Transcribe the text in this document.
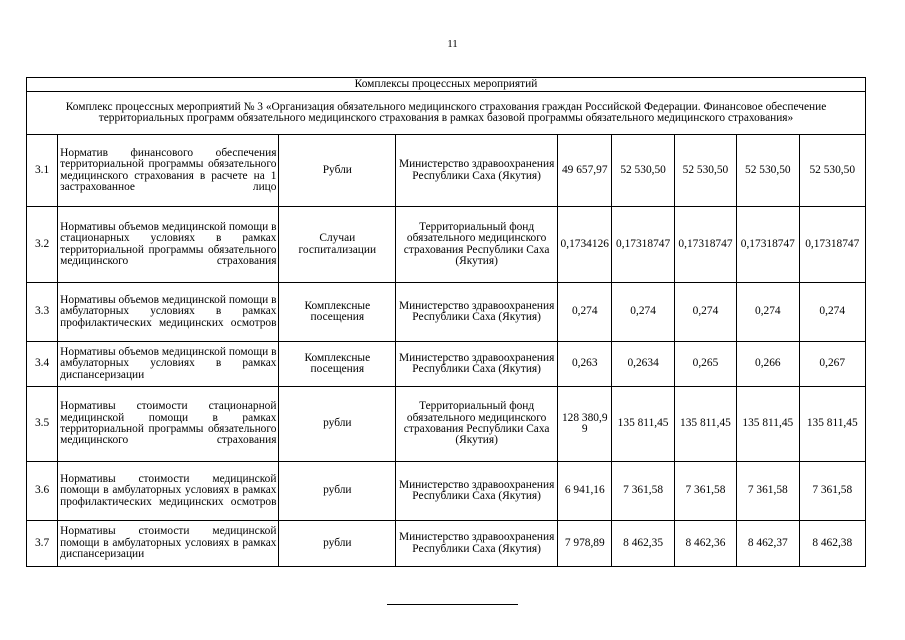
11
Комплексы процессных мероприятий								
Комплекс процессных мероприятий № 3 «Организация обязательного медицинского страхования граждан Российской Федерации. Финансовое обеспечение территориальных программ обязательного медицинского страхования в рамках базовой программы обязательного медицинского страхования»								
3.1	Норматив финансового обеспечения территориальной программы обязательного медицинского страхования в расчете на 1 застрахованное лицо	Рубли	Министерство здравоохранения Республики Саха (Якутия)	49 657,97	52 530,50	52 530,50	52 530,50	52 530,50
3.2	Нормативы объемов медицинской помощи в стационарных условиях в рамках территориальной программы обязательного медицинского страхования	Случаи госпитализации	Территориальный фонд обязательного медицинского страхования Республики Саха (Якутия)	0,1734126	0,17318747	0,17318747	0,17318747	0,17318747
3.3	Нормативы объемов медицинской помощи в амбулаторных условиях в рамках профилактических медицинских осмотров	Комплексные посещения	Министерство здравоохранения Республики Саха (Якутия)	0,274	0,274	0,274	0,274	0,274
3.4	Нормативы объемов медицинской помощи в амбулаторных условиях в рамках диспансеризации	Комплексные посещения	Министерство здравоохранения Республики Саха (Якутия)	0,263	0,2634	0,265	0,266	0,267
3.5	Нормативы стоимости стационарной медицинской помощи в рамках территориальной программы обязательного медицинского страхования	рубли	Территориальный фонд обязательного медицинского страхования Республики Саха (Якутия)	128 380,99	135 811,45	135 811,45	135 811,45	135 811,45
3.6	Нормативы стоимости медицинской помощи в амбулаторных условиях в рамках профилактических медицинских осмотров	рубли	Министерство здравоохранения Республики Саха (Якутия)	6 941,16	7 361,58	7 361,58	7 361,58	7 361,58
3.7	Нормативы стоимости медицинской помощи в амбулаторных условиях в рамках диспансеризации	рубли	Министерство здравоохранения Республики Саха (Якутия)	7 978,89	8 462,35	8 462,36	8 462,37	8 462,38
